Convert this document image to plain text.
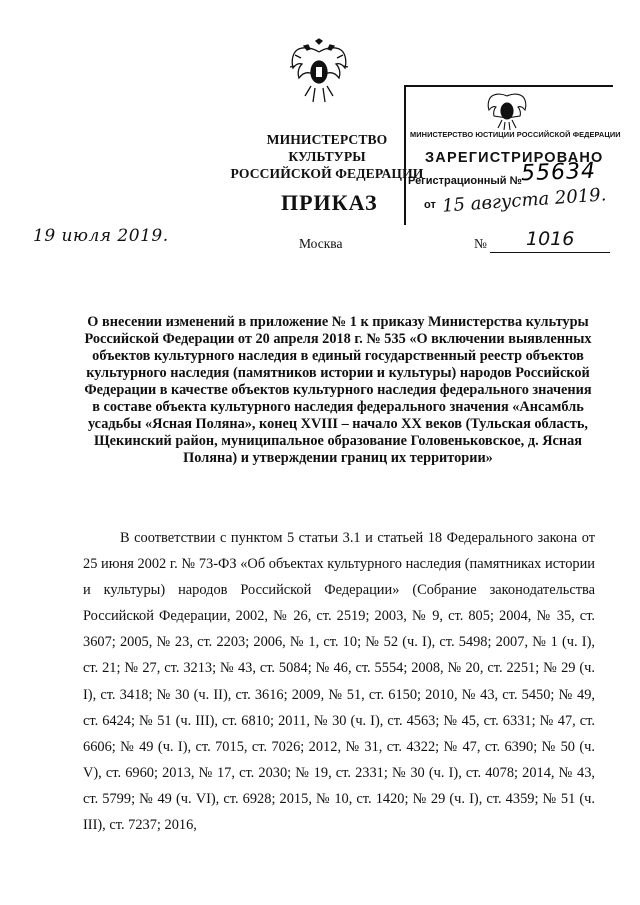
МИНИСТЕРСТВО КУЛЬТУРЫ
РОССИЙСКОЙ ФЕДЕРАЦИИ
МИНИСТЕРСТВО ЮСТИЦИИ РОССИЙСКОЙ ФЕДЕРАЦИИ
ЗАРЕГИСТРИРОВАНО
Регистрационный №
55634
от 15 августа 2019.
ПРИКАЗ
19 июля 2019.	Москва	№ 1016
О внесении изменений в приложение № 1 к приказу Министерства культуры Российской Федерации от 20 апреля 2018 г. № 535 «О включении выявленных объектов культурного наследия в единый государственный реестр объектов культурного наследия (памятников истории и культуры) народов Российской Федерации в качестве объектов культурного наследия федерального значения в составе объекта культурного наследия федерального значения «Ансамбль усадьбы «Ясная Поляна», конец XVIII – начало XX веков (Тульская область, Щекинский район, муниципальное образование Головеньковское, д. Ясная Поляна) и утверждении границ их территории»

В соответствии с пунктом 5 статьи 3.1 и статьей 18 Федерального закона от 25 июня 2002 г. № 73-ФЗ «Об объектах культурного наследия (памятниках истории и культуры) народов Российской Федерации» (Собрание законодательства Российской Федерации, 2002, № 26, ст. 2519; 2003, № 9, ст. 805; 2004, № 35, ст. 3607; 2005, № 23, ст. 2203; 2006, № 1, ст. 10; № 52 (ч. I), ст. 5498; 2007, № 1 (ч. I), ст. 21; № 27, ст. 3213; № 43, ст. 5084; № 46, ст. 5554; 2008, № 20, ст. 2251; № 29 (ч. I), ст. 3418; № 30 (ч. II), ст. 3616; 2009, № 51, ст. 6150; 2010, № 43, ст. 5450; № 49, ст. 6424; № 51 (ч. III), ст. 6810; 2011, № 30 (ч. I), ст. 4563; № 45, ст. 6331; № 47, ст. 6606; № 49 (ч. I), ст. 7015, ст. 7026; 2012, № 31, ст. 4322; № 47, ст. 6390; № 50 (ч. V), ст. 6960; 2013, № 17, ст. 2030; № 19, ст. 2331; № 30 (ч. I), ст. 4078; 2014, № 43, ст. 5799; № 49 (ч. VI), ст. 6928; 2015, № 10, ст. 1420; № 29 (ч. I), ст. 4359; № 51 (ч. III), ст. 7237; 2016,
